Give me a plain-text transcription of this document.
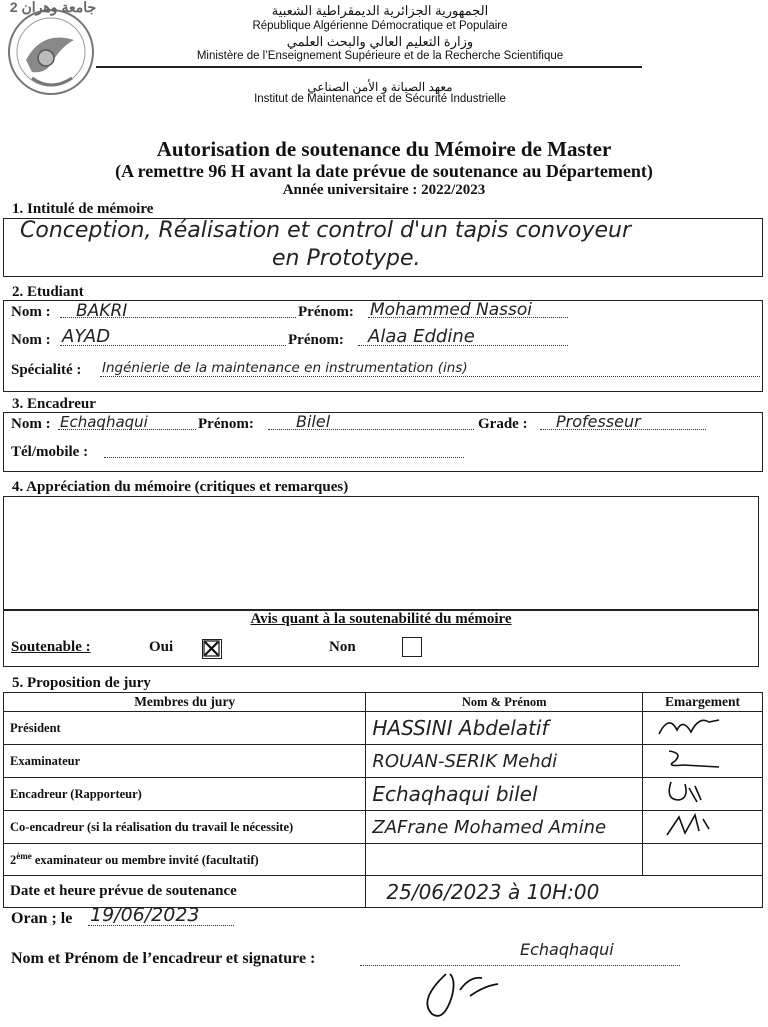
جامعة وهران 2	الجمهورية الجزائرية الديمقراطية الشعبية
République Algérienne Démocratique et Populaire
وزارة التعليم العالي والبحث العلمي
Ministère de l’Enseignement Supérieure et de la Recherche Scientifique
معهد الصيانة و الأمن الصناعي
Institut de Maintenance et de Sécurité Industrielle
Autorisation de soutenance du Mémoire de Master
(A remettre 96 H avant la date prévue de soutenance au Département)
Année universitaire : 2022/2023
1. Intitulé de mémoire
Conception, Réalisation et control d'un tapis convoyeur
en Prototype.
2. Etudiant
Nom : BAKRI	Prénom: Mohammed Nassoi
Nom : AYAD	Prénom: Alaa Eddine
Spécialité : Ingénierie de la maintenance en instrumentation (ins)
3. Encadreur
Nom : Echaqhaqui	Prénom:	Bilel	Grade : Professeur
Tél/mobile :
4. Appréciation du mémoire (critiques et remarques)
Avis quant à la soutenabilité du mémoire
Soutenable :	Oui	Non
5. Proposition de jury
Membres du jury	Nom & Prénom	Emargement
Président	HASSINI Abdelatif	
Examinateur	ROUAN-SERIK Mehdi	
Encadreur (Rapporteur)	Echaqhaqui bilel	
Co-encadreur (si la réalisation du travail le nécessite)	ZAFrane Mohamed Amine	
2ème examinateur ou membre invité (facultatif)		
Date et heure prévue de soutenance	25/06/2023 à 10H:00	
Oran ; le 19/06/2023
Nom et Prénom de l’encadreur et signature :	Echaqhaqui
